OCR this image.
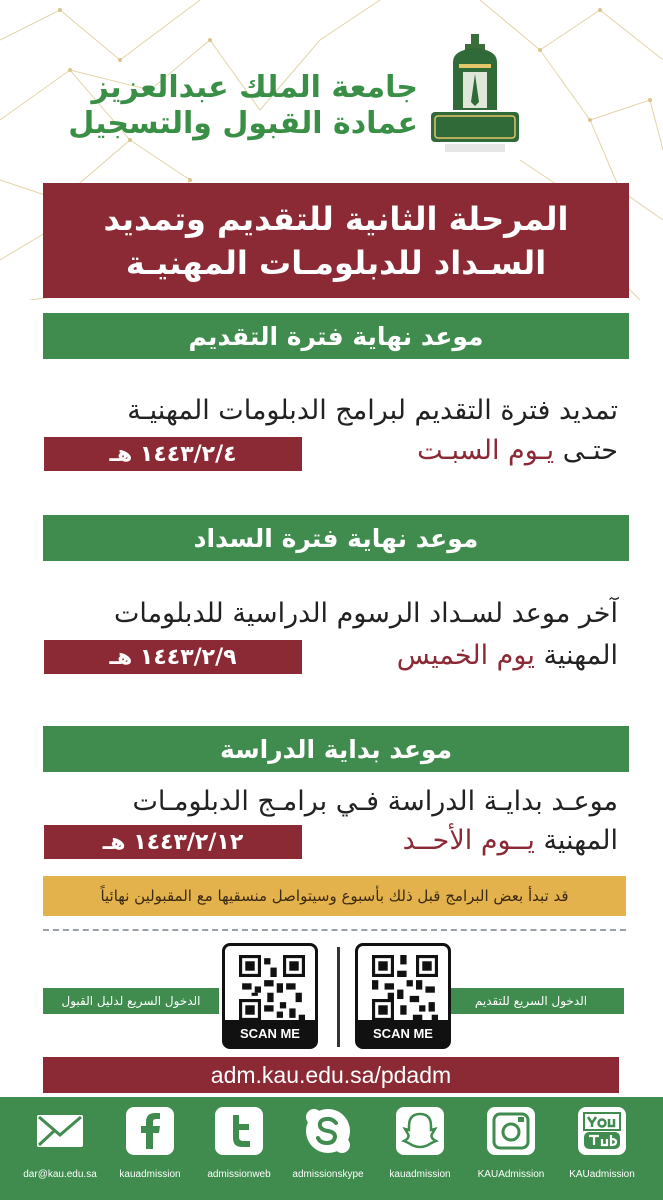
جامعة الملك عبدالعزيز
عمادة القبول والتسجيل
المرحلة الثانية للتقديم وتمديد
السـداد للدبلومـات المهنيـة
موعد نهاية فترة التقديم
تمديد فترة التقديم لبرامج الدبلومات المهنيـة
حتـى يـوم السبـت
١٤٤٣/٢/٤ هـ
موعد نهاية فترة السداد
آخر موعد لسـداد الرسوم الدراسية للدبلومات
المهنية يوم الخميس
١٤٤٣/٢/٩ هـ
موعد بداية الدراسة
موعـد بدايـة الدراسة فـي برامـج الدبلومـات
المهنية يــوم الأحــد
١٤٤٣/٢/١٢ هـ
قد تبدأ بعض البرامج قبل ذلك بأسبوع وسيتواصل منسقيها مع المقبولين نهائياً
الدخول السريع للتقديم
الدخول السريع لدليل القبول
SCAN ME	SCAN ME
adm.kau.edu.sa/pdadm
dar@kau.edu.sa	kauadmission	admissionweb	admissionskype	kauadmission	KAUAdmission	KAUadmission
